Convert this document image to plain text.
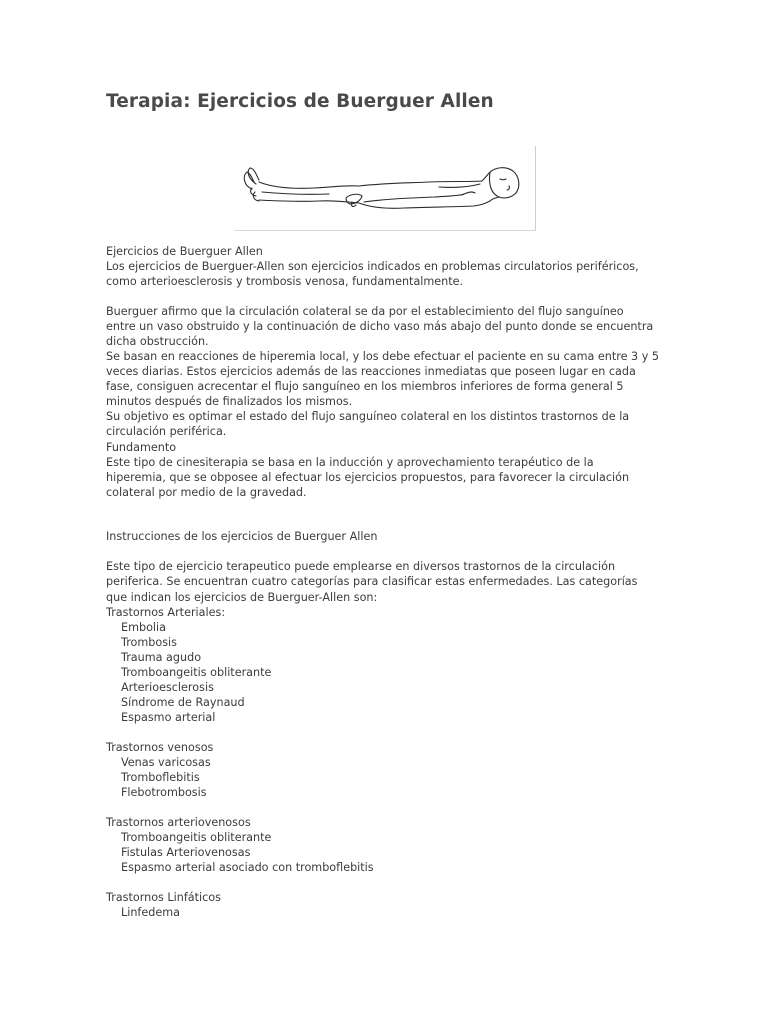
Terapia: Ejercicios de Buerguer Allen
Ejercicios de Buerguer Allen
Los ejercicios de Buerguer-Allen son ejercicios indicados en problemas circulatorios periféricos,
como arterioesclerosis y trombosis venosa, fundamentalmente.
Buerguer afirmo que la circulación colateral se da por el establecimiento del flujo sanguíneo
entre un vaso obstruido y la continuación de dicho vaso más abajo del punto donde se encuentra
dicha obstrucción.
Se basan en reacciones de hiperemia local, y los debe efectuar el paciente en su cama entre 3 y 5
veces diarias. Estos ejercicios además de las reacciones inmediatas que poseen lugar en cada
fase, consiguen acrecentar el flujo sanguíneo en los miembros inferiores de forma general 5
minutos después de finalizados los mismos.
Su objetivo es optimar el estado del flujo sanguíneo colateral en los distintos trastornos de la
circulación periférica.
Fundamento
Este tipo de cinesiterapia se basa en la inducción y aprovechamiento terapéutico de la
hiperemia, que se obposee al efectuar los ejercicios propuestos, para favorecer la circulación
colateral por medio de la gravedad.
Instrucciones de los ejercicios de Buerguer Allen
Este tipo de ejercicio terapeutico puede emplearse en diversos trastornos de la circulación
periferica. Se encuentran cuatro categorías para clasificar estas enfermedades. Las categorías
que indican los ejercicios de Buerguer-Allen son:
Trastornos Arteriales:
Embolia
Trombosis
Trauma agudo
Tromboangeitis obliterante
Arterioesclerosis
Síndrome de Raynaud
Espasmo arterial
Trastornos venosos
Venas varicosas
Tromboflebitis
Flebotrombosis
Trastornos arteriovenosos
Tromboangeitis obliterante
Fistulas Arteriovenosas
Espasmo arterial asociado con tromboflebitis
Trastornos Linfáticos
Linfedema
